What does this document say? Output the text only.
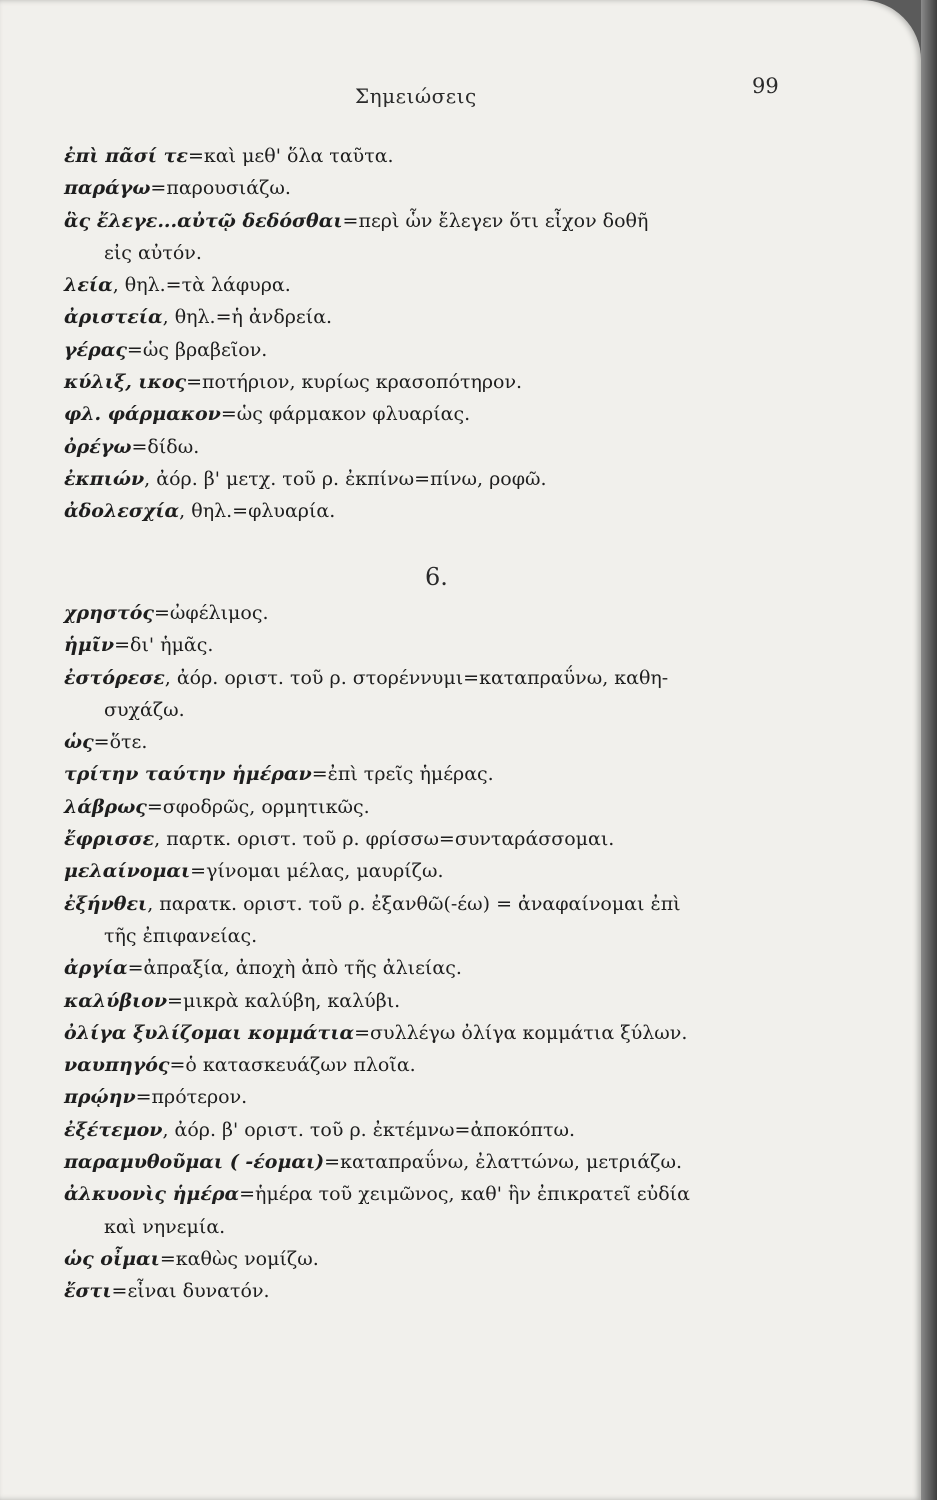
Σημειώσεις	99

ἐπὶ πᾶσί τε=καὶ μεθ' ὅλα ταῦτα.

παράγω=παρουσιάζω.

ἃς ἔλεγε...αὐτῷ δεδόσθαι=περὶ ὧν ἔλεγεν ὅτι εἶχον δοθῆ

εἰς αὐτόν.

λεία, θηλ.=τὰ λάφυρα.

ἀριστεία, θηλ.=ἡ ἀνδρεία.

γέρας=ὡς βραβεῖον.

κύλιξ, ικος=ποτήριον, κυρίως κρασοπότηρον.

φλ. φάρμακον=ὡς φάρμακον φλυαρίας.

ὀρέγω=δίδω.

ἐκπιών, ἀόρ. β' μετχ. τοῦ ρ. ἐκπίνω=πίνω, ροφῶ.

ἀδολεσχία, θηλ.=φλυαρία.

6.

χρηστός=ὠφέλιμος.

ἡμῖν=δι' ἡμᾶς.

ἐστόρεσε, ἀόρ. οριστ. τοῦ ρ. στορέννυμι=καταπραΰνω, καθη-

συχάζω.

ὡς=ὅτε.

τρίτην ταύτην ἡμέραν=ἐπὶ τρεῖς ἡμέρας.

λάβρως=σφοδρῶς, ορμητικῶς.

ἔφρισσε, παρτκ. οριστ. τοῦ ρ. φρίσσω=συνταράσσομαι.

μελαίνομαι=γίνομαι μέλας, μαυρίζω.

ἐξήνθει, παρατκ. οριστ. τοῦ ρ. ἐξανθῶ(-έω) = ἀναφαίνομαι ἐπὶ

τῆς ἐπιφανείας.

ἀργία=ἀπραξία, ἀποχὴ ἀπὸ τῆς ἀλιείας.

καλύβιον=μικρὰ καλύβη, καλύβι.

ὀλίγα ξυλίζομαι κομμάτια=συλλέγω ὀλίγα κομμάτια ξύλων.

ναυπηγός=ὁ κατασκευάζων πλοῖα.

πρῴην=πρότερον.

ἐξέτεμον, ἀόρ. β' οριστ. τοῦ ρ. ἐκτέμνω=ἀποκόπτω.

παραμυθοῦμαι ( -έομαι)=καταπραΰνω, ἐλαττώνω, μετριάζω.

ἀλκυονὶς ἡμέρα=ἡμέρα τοῦ χειμῶνος, καθ' ἣν ἐπικρατεῖ εὐδία

καὶ νηνεμία.

ὡς οἶμαι=καθὼς νομίζω.

ἔστι=εἶναι δυνατόν.
